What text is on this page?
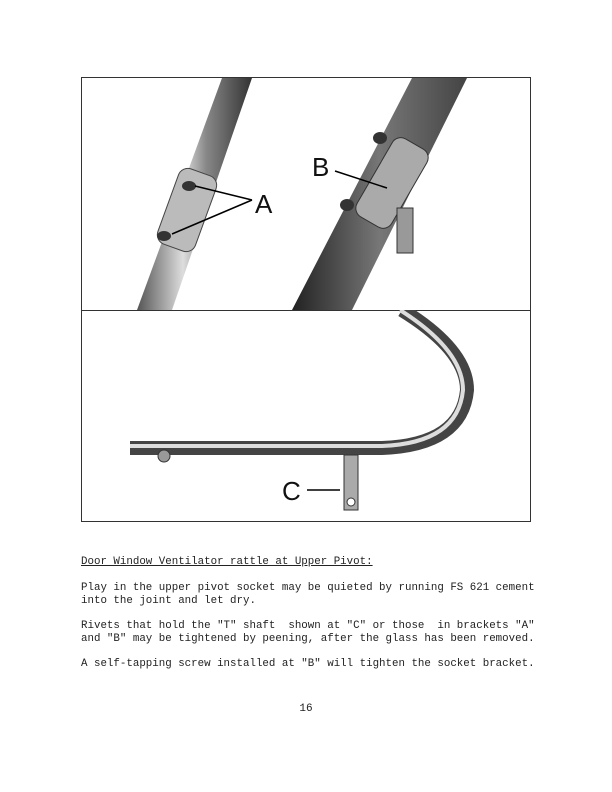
A
B
C
Door Window Ventilator rattle at Upper Pivot:
Play in the upper pivot socket may be quieted by running FS 621 cement
into the joint and let dry.
Rivets that hold the "T" shaft  shown at "C" or those  in brackets "A"
and "B" may be tightened by peening, after the glass has been removed.
A self-tapping screw installed at "B" will tighten the socket bracket.
16
